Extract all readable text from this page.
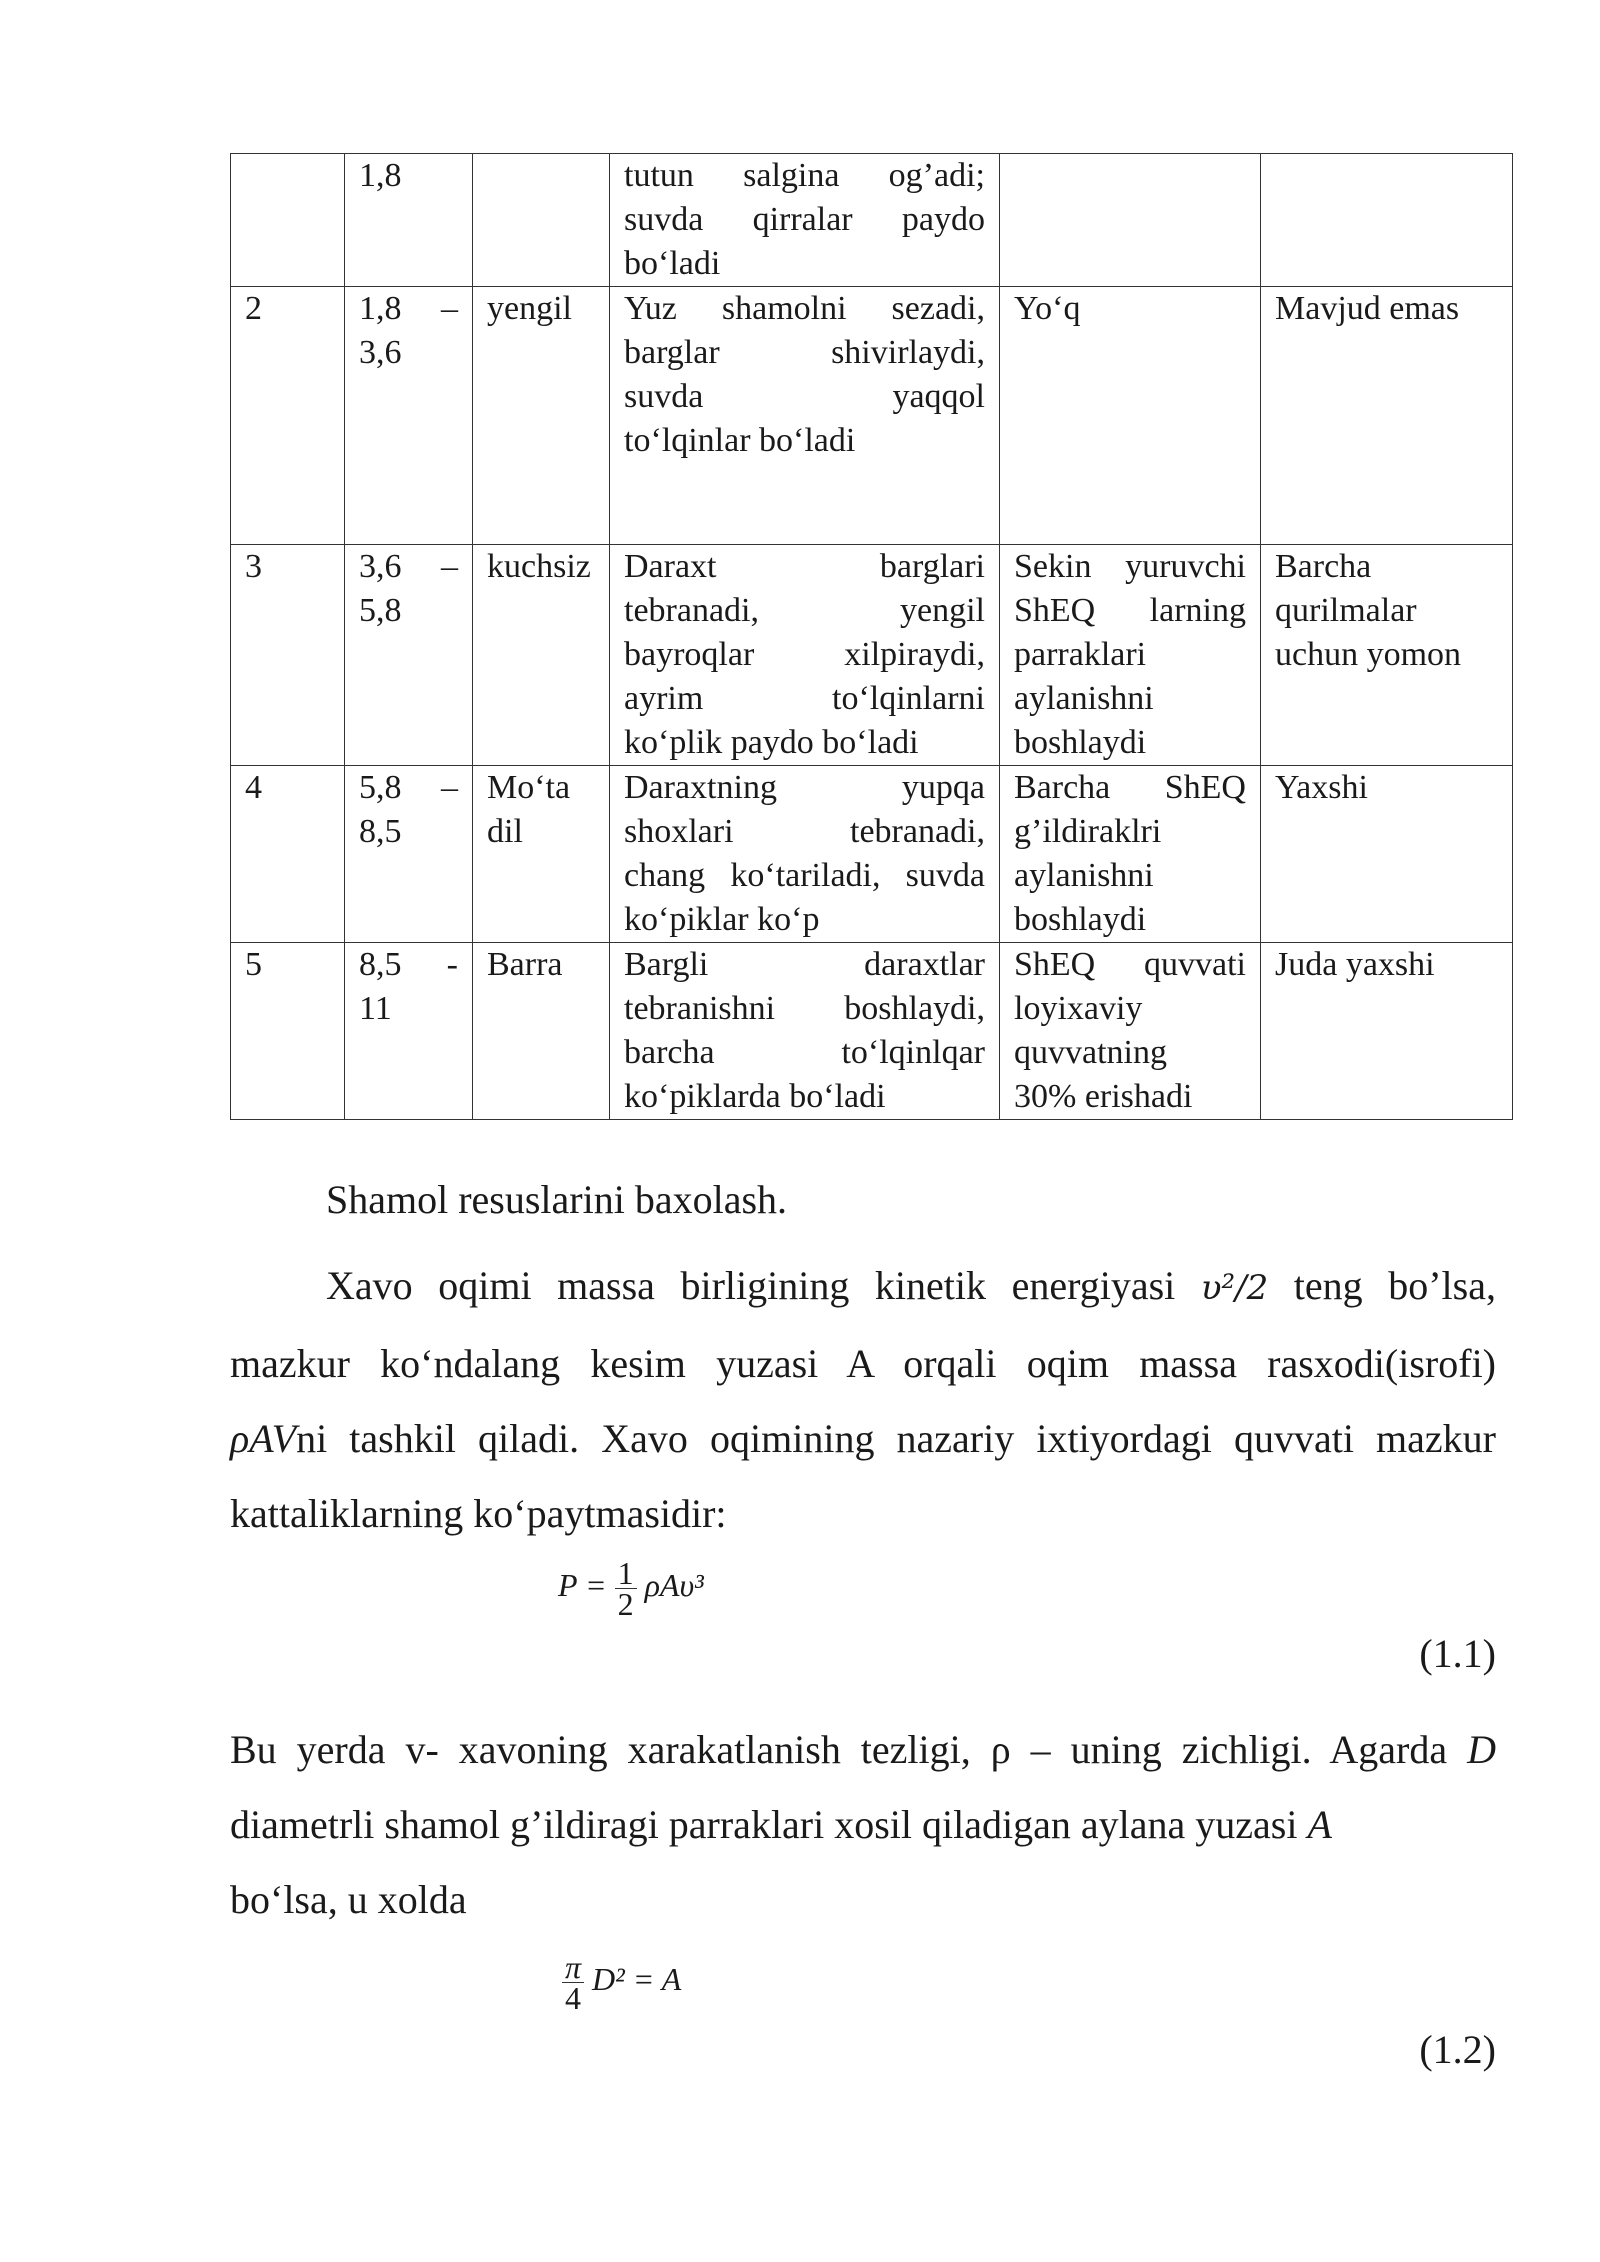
	1,8		tutun salgina og’adi;
suvda qirralar paydo
bo‘ladi		

2	1,8 –
3,6	yengil	Yuz shamolni sezadi,
barglar shivirlaydi,
suvda yaqqol
to‘lqinlar bo‘ladi	Yo‘q	Mavjud emas

3	3,6 –
5,8	kuchsiz	Daraxt barglari
tebranadi, yengil
bayroqlar xilpiraydi,
ayrim to‘lqinlarni
ko‘plik paydo bo‘ladi	Sekin yuruvchi
ShEQ larning
parraklari
aylanishni
boshlaydi	Barcha
qurilmalar
uchun yomon

4	5,8 –
8,5	Mo‘ta
dil	Daraxtning yupqa
shoxlari tebranadi,
chang ko‘tariladi, suvda
ko‘piklar ko‘p	Barcha ShEQ
g’ildiraklri
aylanishni
boshlaydi	Yaxshi

5	8,5 -
11	Barra	Bargli daraxtlar
tebranishni boshlaydi,
barcha to‘lqinlqar
ko‘piklarda bo‘ladi	ShEQ quvvati
loyixaviy
quvvatning
30% erishadi	Juda yaxshi
Shamol resuslarini baxolash.
Xavo oqimi massa birligining kinetik energiyasi υ²/2 teng bo’lsa,
mazkur ko‘ndalang kesim yuzasi A orqali oqim massa rasxodi(isrofi)
ρAVni tashkil qiladi. Xavo oqimining nazariy ixtiyordagi quvvati mazkur
kattaliklarning ko‘paytmasidir:
$P = \frac{1}{2} \rho A\upsilon^3$
(1.1)
Bu yerda v- xavoning xarakatlanish tezligi, ρ – uning zichligi. Agarda D
diametrli shamol g’ildiragi parraklari xosil qiladigan aylana yuzasi A
bo‘lsa, u xolda
$\frac{\pi}{4} D^2 = A$
(1.2)
